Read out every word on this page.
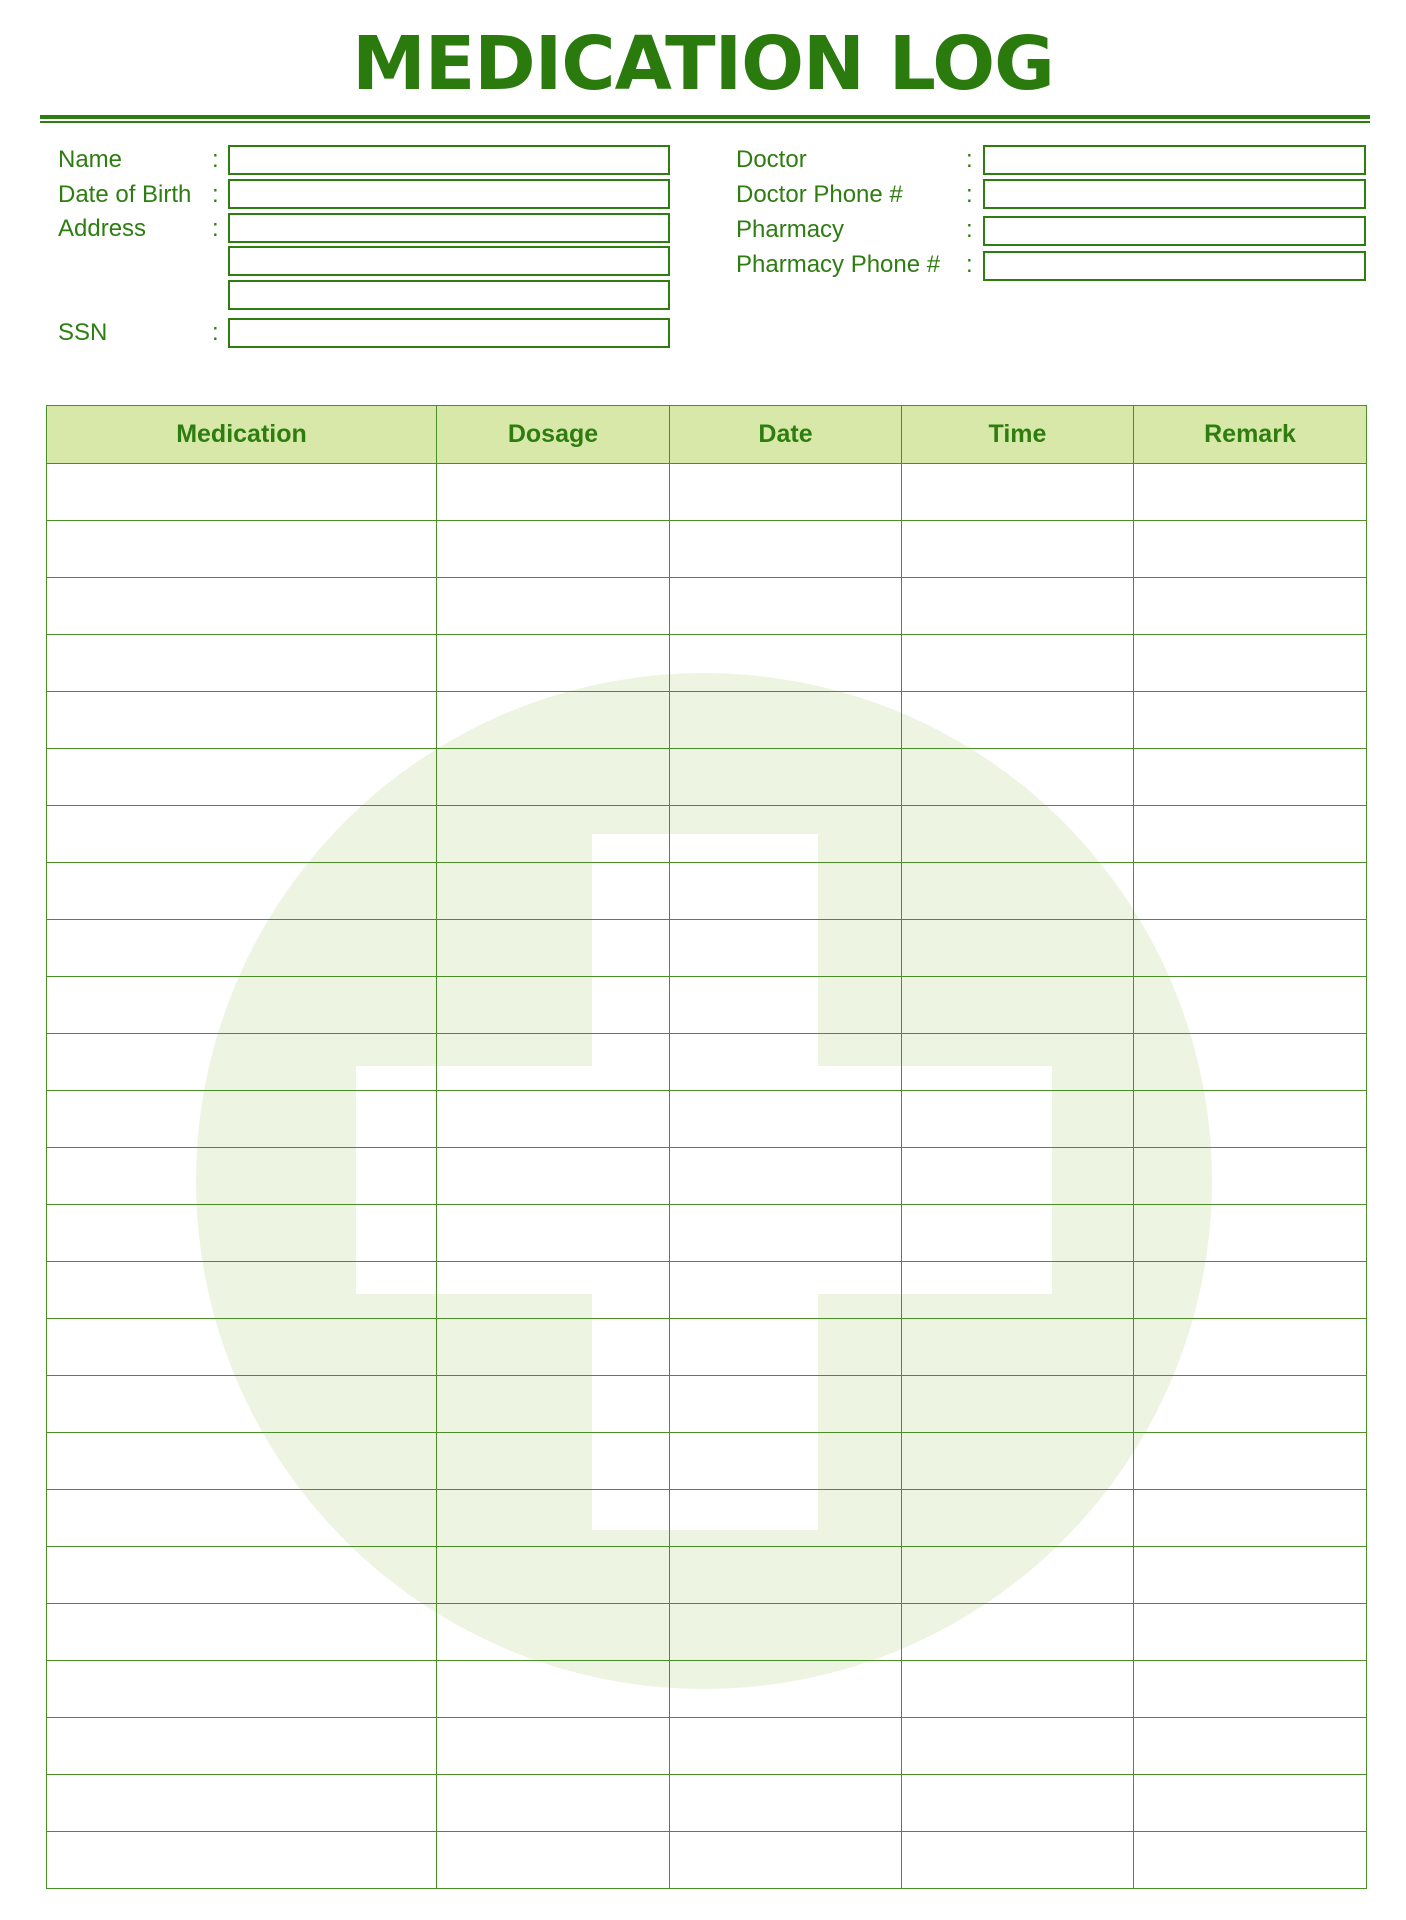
MEDICATION LOG
Name	:
Date of Birth :
Address	:
SSN	:
Doctor	:
Doctor Phone #	:
Pharmacy	:
Pharmacy Phone # :
Medication	Dosage	Date	Time	Remark
